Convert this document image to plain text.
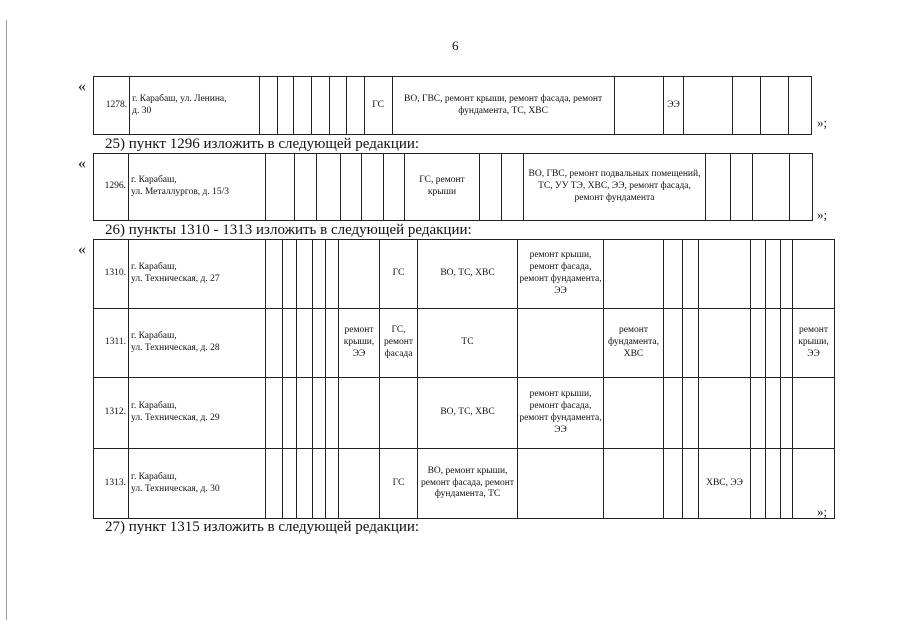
6
«
1278.	г. Карабаш, ул. Ленина,
д. 30							ГС	ВО, ГВС, ремонт крыши, ремонт фасада, ремонт фундамента, ТС, ХВС		ЭЭ				
»;
25) пункт 1296 изложить в следующей редакции:
«
1296.	г. Карабаш,
ул. Металлургов, д. 15/3							ГС, ремонт крыши			ВО, ГВС, ремонт подвальных помещений, ТС, УУ ТЭ, ХВС, ЭЭ, ремонт фасада, ремонт фундамента				
»;
26) пункты 1310 - 1313 изложить в следующей редакции:
«
1310.	г. Карабаш,
ул. Техническая, д. 27							ГС	ВО, ТС, ХВС	ремонт крыши, ремонт фасада, ремонт фундамента, ЭЭ								
1311.	г. Карабаш,
ул. Техническая, д. 28						ремонт крыши, ЭЭ	ГС, ремонт фасада	ТС		ремонт фундамента, ХВС							ремонт крыши, ЭЭ
1312.	г. Карабаш,
ул. Техническая, д. 29								ВО, ТС, ХВС	ремонт крыши, ремонт фасада, ремонт фундамента, ЭЭ								
1313.	г. Карабаш,
ул. Техническая, д. 30							ГС	ВО, ремонт крыши, ремонт фасада, ремонт фундамента, ТС					ХВС, ЭЭ				
»;
27) пункт 1315 изложить в следующей редакции:
